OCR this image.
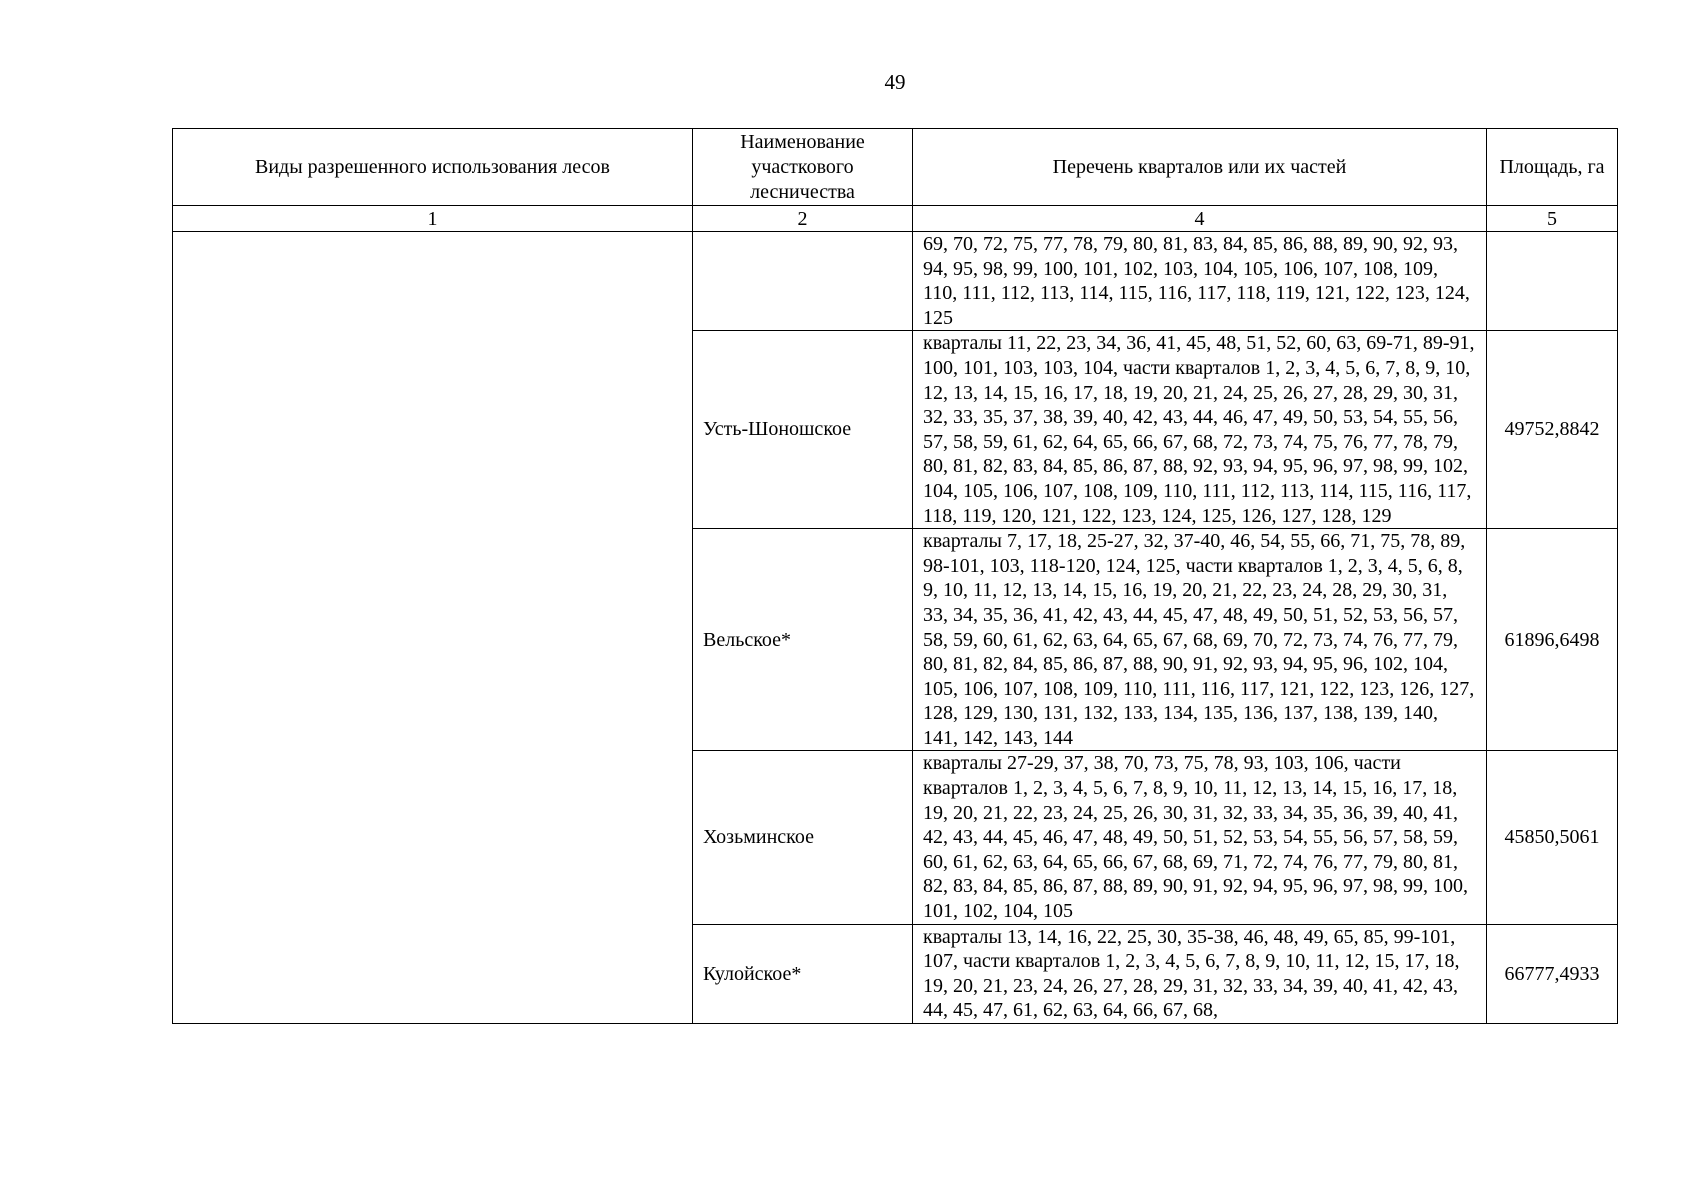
49
Виды разрешенного использования лесов	Наименование участкового лесничества	Перечень кварталов или их частей	Площадь, га
1	2	4	5
		69, 70, 72, 75, 77, 78, 79, 80, 81, 83, 84, 85, 86, 88, 89, 90, 92, 93, 94, 95, 98, 99, 100, 101, 102, 103, 104, 105, 106, 107, 108, 109, 110, 111, 112, 113, 114, 115, 116, 117, 118, 119, 121, 122, 123, 124, 125	
	Усть-Шоношское	кварталы 11, 22, 23, 34, 36, 41, 45, 48, 51, 52, 60, 63, 69-71, 89-91, 100, 101, 103, 103, 104, части кварталов 1, 2, 3, 4, 5, 6, 7, 8, 9, 10, 12, 13, 14, 15, 16, 17, 18, 19, 20, 21, 24, 25, 26, 27, 28, 29, 30, 31, 32, 33, 35, 37, 38, 39, 40, 42, 43, 44, 46, 47, 49, 50, 53, 54, 55, 56, 57, 58, 59, 61, 62, 64, 65, 66, 67, 68, 72, 73, 74, 75, 76, 77, 78, 79, 80, 81, 82, 83, 84, 85, 86, 87, 88, 92, 93, 94, 95, 96, 97, 98, 99, 102, 104, 105, 106, 107, 108, 109, 110, 111, 112, 113, 114, 115, 116, 117, 118, 119, 120, 121, 122, 123, 124, 125, 126, 127, 128, 129	49752,8842
	Вельское*	кварталы 7, 17, 18, 25-27, 32, 37-40, 46, 54, 55, 66, 71, 75, 78, 89, 98-101, 103, 118-120, 124, 125, части кварталов 1, 2, 3, 4, 5, 6, 8, 9, 10, 11, 12, 13, 14, 15, 16, 19, 20, 21, 22, 23, 24, 28, 29, 30, 31, 33, 34, 35, 36, 41, 42, 43, 44, 45, 47, 48, 49, 50, 51, 52, 53, 56, 57, 58, 59, 60, 61, 62, 63, 64, 65, 67, 68, 69, 70, 72, 73, 74, 76, 77, 79, 80, 81, 82, 84, 85, 86, 87, 88, 90, 91, 92, 93, 94, 95, 96, 102, 104, 105, 106, 107, 108, 109, 110, 111, 116, 117, 121, 122, 123, 126, 127, 128, 129, 130, 131, 132, 133, 134, 135, 136, 137, 138, 139, 140, 141, 142, 143, 144	61896,6498
	Хозьминское	кварталы 27-29, 37, 38, 70, 73, 75, 78, 93, 103, 106, части кварталов 1, 2, 3, 4, 5, 6, 7, 8, 9, 10, 11, 12, 13, 14, 15, 16, 17, 18, 19, 20, 21, 22, 23, 24, 25, 26, 30, 31, 32, 33, 34, 35, 36, 39, 40, 41, 42, 43, 44, 45, 46, 47, 48, 49, 50, 51, 52, 53, 54, 55, 56, 57, 58, 59, 60, 61, 62, 63, 64, 65, 66, 67, 68, 69, 71, 72, 74, 76, 77, 79, 80, 81, 82, 83, 84, 85, 86, 87, 88, 89, 90, 91, 92, 94, 95, 96, 97, 98, 99, 100, 101, 102, 104, 105	45850,5061
	Кулойское*	кварталы 13, 14, 16, 22, 25, 30, 35-38, 46, 48, 49, 65, 85, 99-101, 107, части кварталов 1, 2, 3, 4, 5, 6, 7, 8, 9, 10, 11, 12, 15, 17, 18, 19, 20, 21, 23, 24, 26, 27, 28, 29, 31, 32, 33, 34, 39, 40, 41, 42, 43, 44, 45, 47, 61, 62, 63, 64, 66, 67, 68,	66777,4933
